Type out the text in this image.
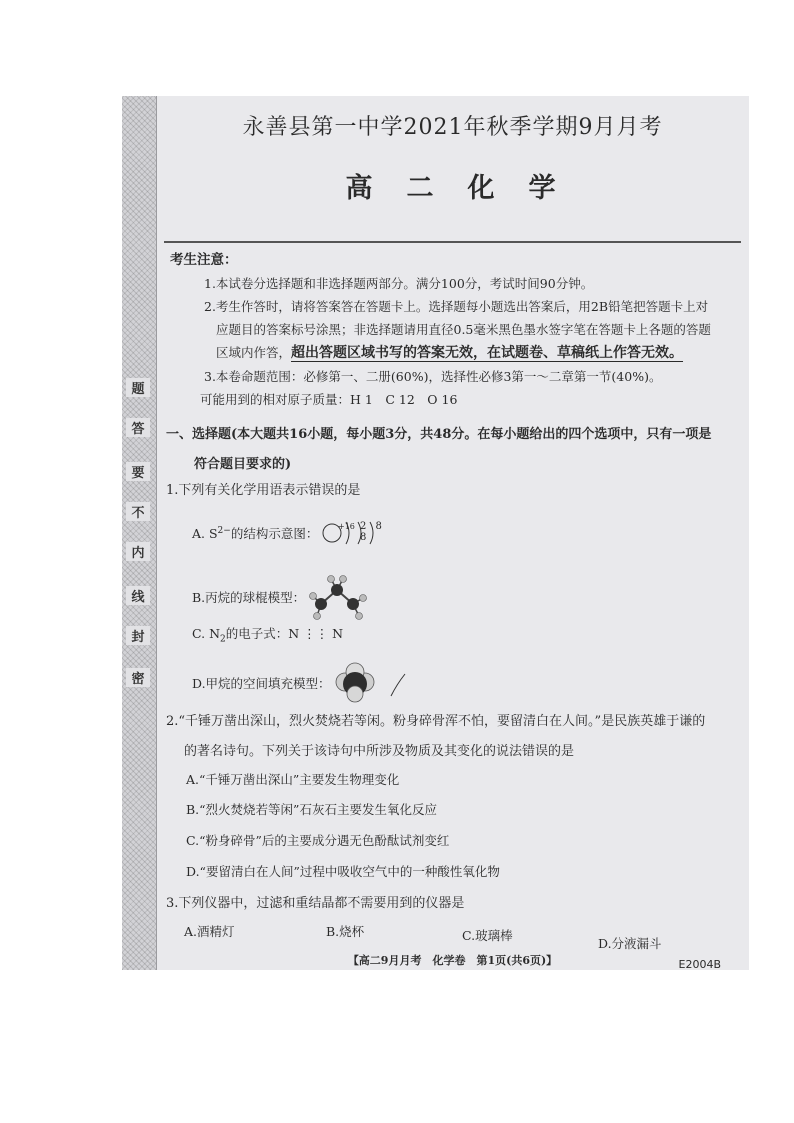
题
答
要
不
内
线
封
密
永善县第一中学2021年秋季学期9月月考
高二化学
考生注意：
1.本试卷分选择题和非选择题两部分。满分100分，考试时间90分钟。
2.考生作答时，请将答案答在答题卡上。选择题每小题选出答案后，用2B铅笔把答题卡上对
应题目的答案标号涂黑；非选择题请用直径0.5毫米黑色墨水签字笔在答题卡上各题的答题
区域内作答，超出答题区域书写的答案无效，在试题卷、草稿纸上作答无效。
3.本卷命题范围：必修第一、二册(60%)，选择性必修3第一～二章第一节(40%)。
可能用到的相对原子质量：H 1　C 12　O 16
一、选择题(本大题共16小题，每小题3分，共48分。在每小题给出的四个选项中，只有一项是
符合题目要求的)
1.下列有关化学用语表示错误的是
A. $S^{2-}$的结构示意图： +16 2 8 8
B.丙烷的球棍模型：
C. $N_2$的电子式：N ⋮⋮ N
D.甲烷的空间填充模型：
2.“千锤万凿出深山，烈火焚烧若等闲。粉身碎骨浑不怕，要留清白在人间。”是民族英雄于谦的
的著名诗句。下列关于该诗句中所涉及物质及其变化的说法错误的是
A.“千锤万凿出深山”主要发生物理变化
B.“烈火焚烧若等闲”石灰石主要发生氧化反应
C.“粉身碎骨”后的主要成分遇无色酚酞试剂变红
D.“要留清白在人间”过程中吸收空气中的一种酸性氧化物
3.下列仪器中，过滤和重结晶都不需要用到的仪器是
A.酒精灯	B.烧杯	C.玻璃棒
D.分液漏斗
【高二9月月考　化学卷　第1页(共6页)】	E2004B
